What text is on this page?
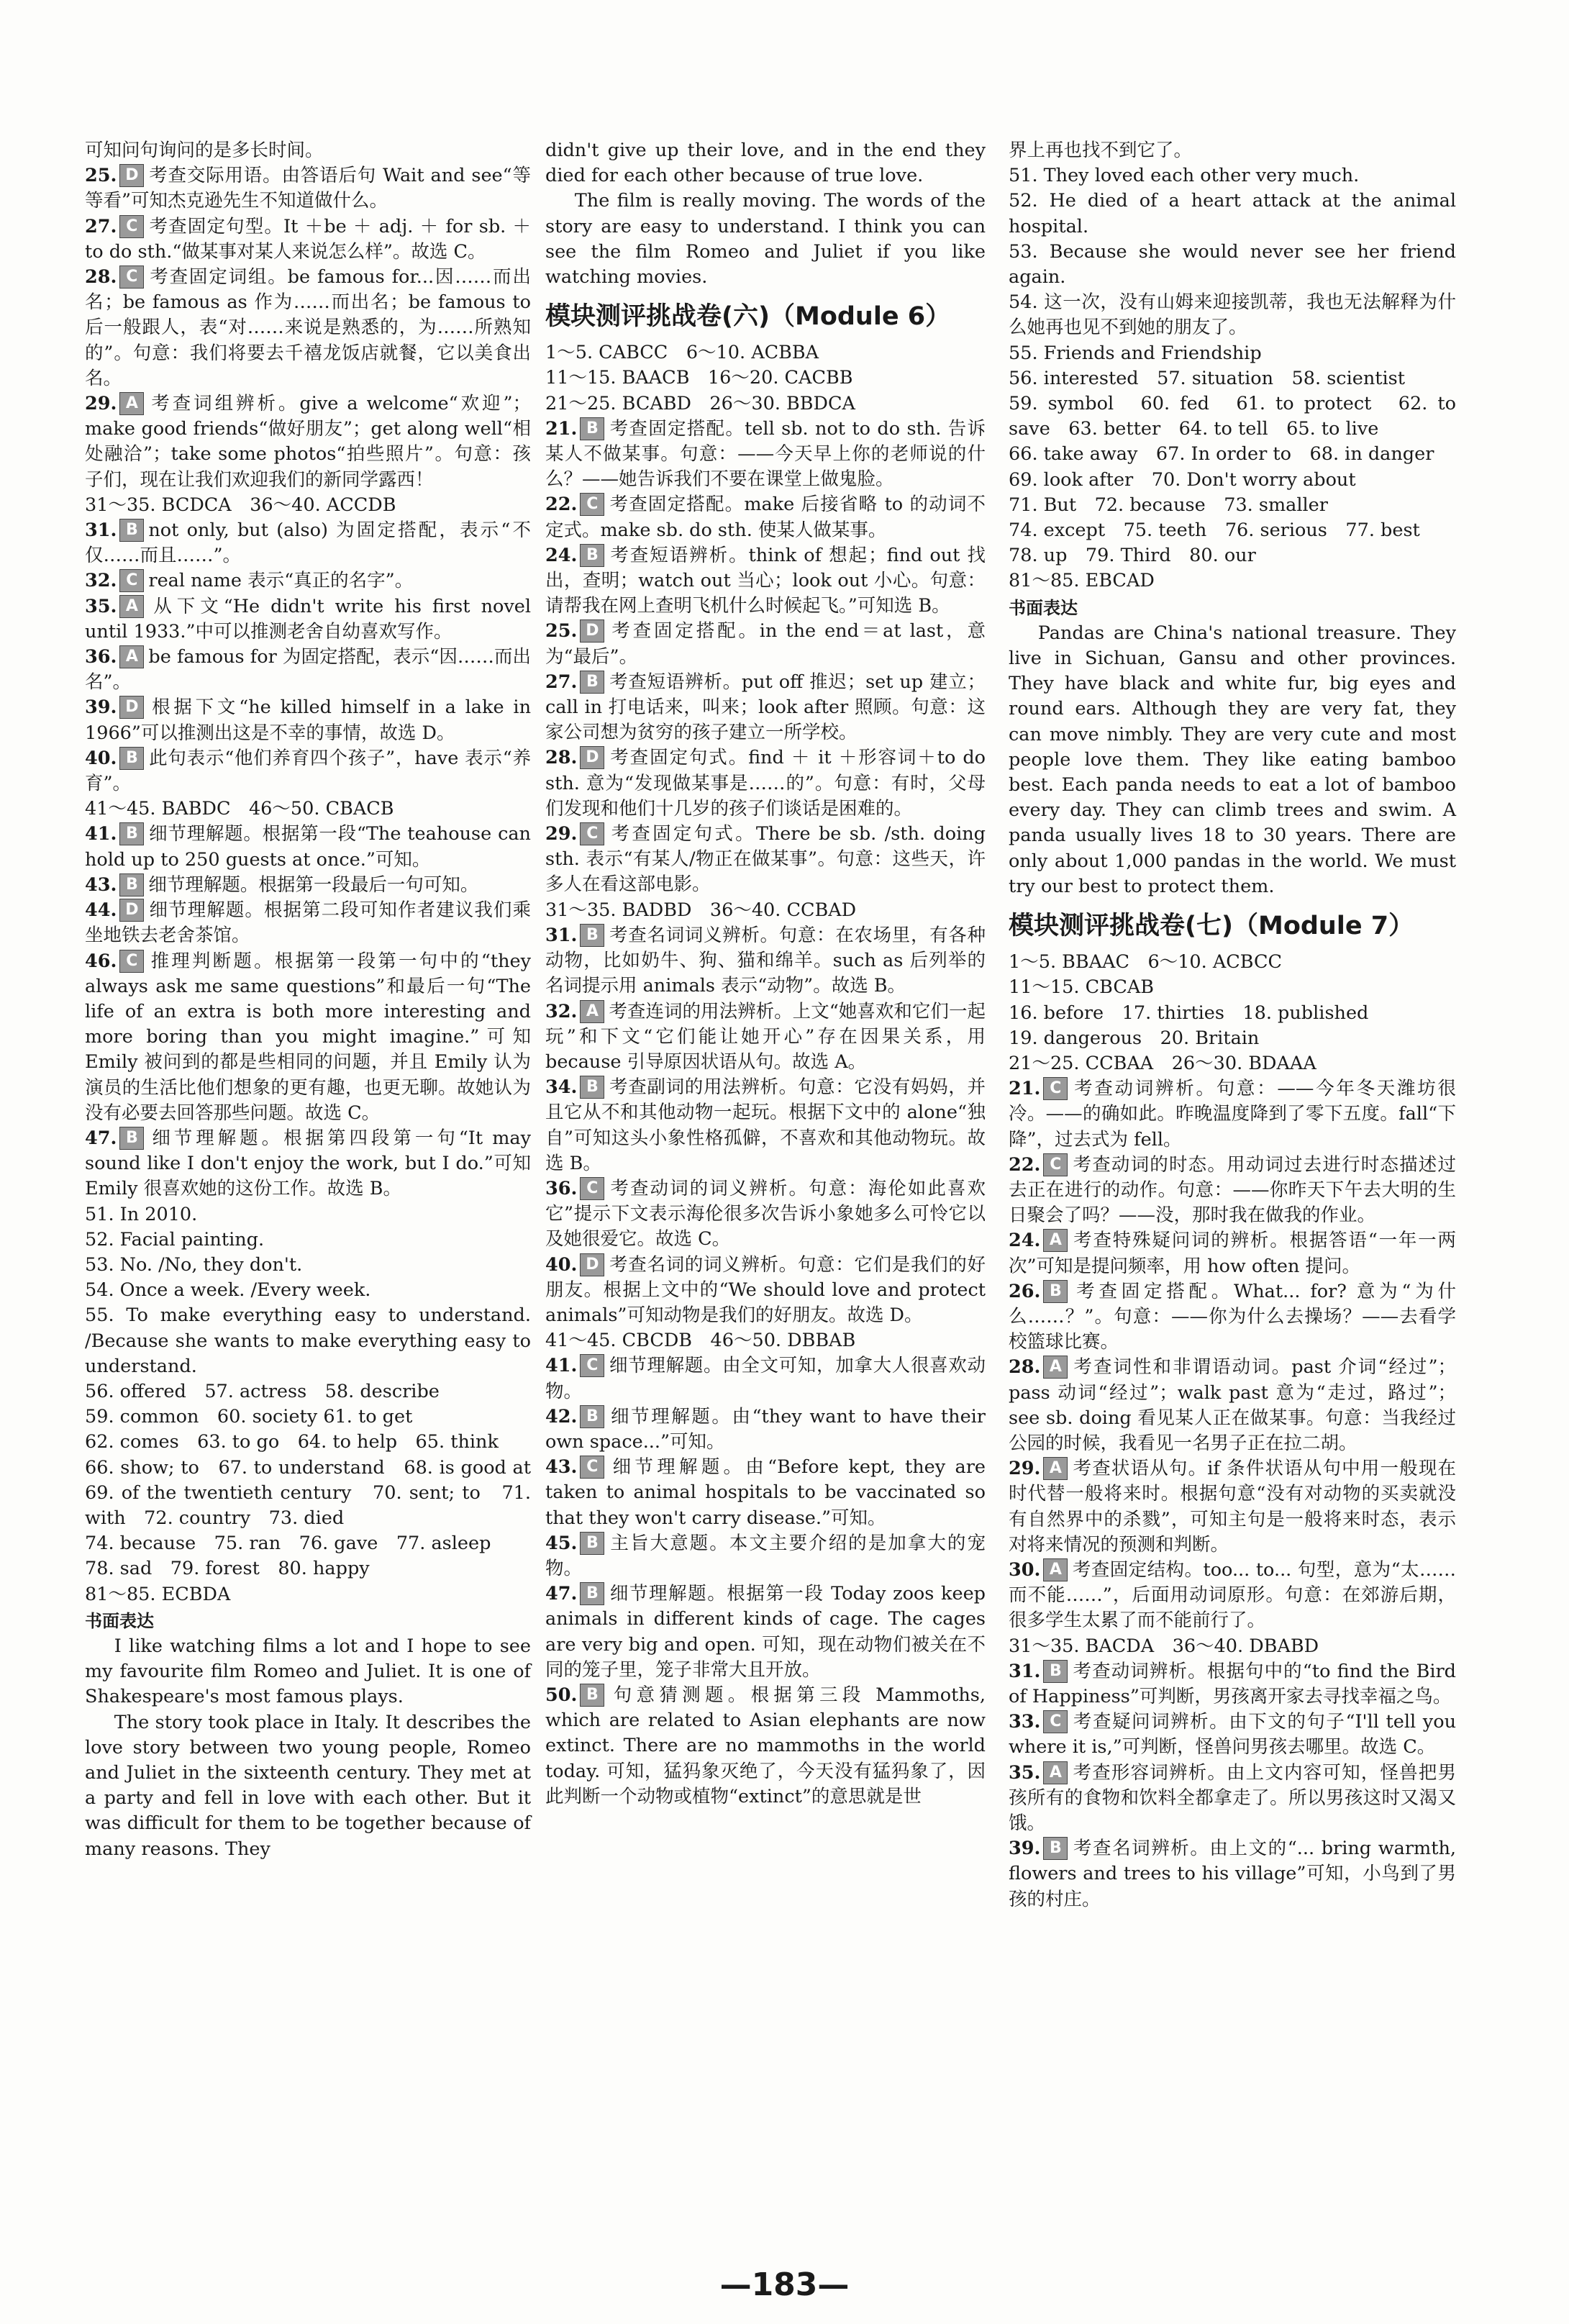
可知问句询问的是多长时间。

25. D 考查交际用语。由答语后句 Wait and see“等等看”可知杰克逊先生不知道做什么。

27. C 考查固定句型。It ＋be ＋ adj. ＋ for sb. ＋to do sth.“做某事对某人来说怎么样”。故选 C。

28. C 考查固定词组。be famous for...因……而出名；be famous as 作为……而出名；be famous to 后一般跟人，表“对……来说是熟悉的，为……所熟知的”。句意：我们将要去千禧龙饭店就餐，它以美食出名。

29. A 考查词组辨析。give a welcome“欢迎”；make good friends“做好朋友”；get along well“相处融洽”；take some photos“拍些照片”。句意：孩子们，现在让我们欢迎我们的新同学露西！

31～35. BCDCA　36～40. ACCDB

31. B not only, but (also) 为固定搭配，表示“不仅……而且……”。

32. C real name 表示“真正的名字”。

35. A 从下文“He didn't write his first novel until 1933.”中可以推测老舍自幼喜欢写作。

36. A be famous for 为固定搭配，表示“因……而出名”。

39. D 根据下文“he killed himself in a lake in 1966”可以推测出这是不幸的事情，故选 D。

40. B 此句表示“他们养育四个孩子”，have 表示“养育”。

41～45. BABDC　46～50. CBACB

41. B 细节理解题。根据第一段“The teahouse can hold up to 250 guests at once.”可知。

43. B 细节理解题。根据第一段最后一句可知。

44. D 细节理解题。根据第二段可知作者建议我们乘坐地铁去老舍茶馆。

46. C 推理判断题。根据第一段第一句中的“they always ask me same questions”和最后一句“The life of an extra is both more interesting and more boring than you might imagine.”可知 Emily 被问到的都是些相同的问题，并且 Emily 认为演员的生活比他们想象的更有趣，也更无聊。故她认为没有必要去回答那些问题。故选 C。

47. B 细节理解题。根据第四段第一句“It may sound like I don't enjoy the work, but I do.”可知 Emily 很喜欢她的这份工作。故选 B。

51. In 2010.

52. Facial painting.

53. No. /No, they don't.

54. Once a week. /Every week.

55. To make everything easy to understand. /Because she wants to make everything easy to understand.

56. offered　57. actress　58. describe

59. common　60. society 61. to get

62. comes　63. to go　64. to help　65. think

66. show; to　67. to understand　68. is good at　69. of the twentieth century　70. sent; to　71. with　72. country　73. died

74. because　75. ran　76. gave　77. asleep

78. sad　79. forest　80. happy

81～85. ECBDA

书面表达

I like watching films a lot and I hope to see my favourite film Romeo and Juliet. It is one of Shakespeare's most famous plays.

The story took place in Italy. It describes the love story between two young people, Romeo and Juliet in the sixteenth century. They met at a party and fell in love with each other. But it was difficult for them to be together because of many reasons. They

didn't give up their love, and in the end they died for each other because of true love.

The film is really moving. The words of the story are easy to understand. I think you can see the film Romeo and Juliet if you like watching movies.

模块测评挑战卷(六)（Module 6）

1～5. CABCC　6～10. ACBBA

11～15. BAACB　16～20. CACBB

21～25. BCABD　26～30. BBDCA

21. B 考查固定搭配。tell sb. not to do sth. 告诉某人不做某事。句意：——今天早上你的老师说的什么？——她告诉我们不要在课堂上做鬼脸。

22. C 考查固定搭配。make 后接省略 to 的动词不定式。make sb. do sth. 使某人做某事。

24. B 考查短语辨析。think of 想起；find out 找出，查明；watch out 当心；look out 小心。句意：请帮我在网上查明飞机什么时候起飞。”可知选 B。

25. D 考查固定搭配。in the end＝at last，意为“最后”。

27. B 考查短语辨析。put off 推迟；set up 建立；call in 打电话来，叫来；look after 照顾。句意：这家公司想为贫穷的孩子建立一所学校。

28. D 考查固定句式。find ＋ it ＋形容词＋to do sth. 意为“发现做某事是……的”。句意：有时，父母们发现和他们十几岁的孩子们谈话是困难的。

29. C 考查固定句式。There be sb. /sth. doing sth. 表示“有某人/物正在做某事”。句意：这些天，许多人在看这部电影。

31～35. BADBD　36～40. CCBAD

31. B 考查名词词义辨析。句意：在农场里，有各种动物，比如奶牛、狗、猫和绵羊。such as 后列举的名词提示用 animals 表示“动物”。故选 B。

32. A 考查连词的用法辨析。上文“她喜欢和它们一起玩”和下文“它们能让她开心”存在因果关系，用 because 引导原因状语从句。故选 A。

34. B 考查副词的用法辨析。句意：它没有妈妈，并且它从不和其他动物一起玩。根据下文中的 alone“独自”可知这头小象性格孤僻，不喜欢和其他动物玩。故选 B。

36. C 考查动词的词义辨析。句意：海伦如此喜欢它”提示下文表示海伦很多次告诉小象她多么可怜它以及她很爱它。故选 C。

40. D 考查名词的词义辨析。句意：它们是我们的好朋友。根据上文中的“We should love and protect animals”可知动物是我们的好朋友。故选 D。

41～45. CBCDB　46～50. DBBAB

41. C 细节理解题。由全文可知，加拿大人很喜欢动物。

42. B 细节理解题。由“they want to have their own space...”可知。

43. C 细节理解题。由“Before kept, they are taken to animal hospitals to be vaccinated so that they won't carry disease.”可知。

45. B 主旨大意题。本文主要介绍的是加拿大的宠物。

47. B 细节理解题。根据第一段 Today zoos keep animals in different kinds of cage. The cages are very big and open. 可知，现在动物们被关在不同的笼子里，笼子非常大且开放。

50. B 句意猜测题。根据第三段 Mammoths, which are related to Asian elephants are now extinct. There are no mammoths in the world today. 可知，猛犸象灭绝了，今天没有猛犸象了，因此判断一个动物或植物“extinct”的意思就是世

界上再也找不到它了。

51. They loved each other very much.

52. He died of a heart attack at the animal hospital.

53. Because she would never see her friend again.

54. 这一次，没有山姆来迎接凯蒂，我也无法解释为什么她再也见不到她的朋友了。

55. Friends and Friendship

56. interested　57. situation　58. scientist

59. symbol　60. fed　61. to protect　62. to save　63. better　64. to tell　65. to live

66. take away　67. In order to　68. in danger

69. look after　70. Don't worry about

71. But　72. because　73. smaller

74. except　75. teeth　76. serious　77. best

78. up　79. Third　80. our

81～85. EBCAD

书面表达

Pandas are China's national treasure. They live in Sichuan, Gansu and other provinces. They have black and white fur, big eyes and round ears. Although they are very fat, they can move nimbly. They are very cute and most people love them. They like eating bamboo best. Each panda needs to eat a lot of bamboo every day. They can climb trees and swim. A panda usually lives 18 to 30 years. There are only about 1,000 pandas in the world. We must try our best to protect them.

模块测评挑战卷(七)（Module 7）

1～5. BBAAC　6～10. ACBCC

11～15. CBCAB

16. before　17. thirties　18. published

19. dangerous　20. Britain

21～25. CCBAA　26～30. BDAAA

21. C 考查动词辨析。句意：——今年冬天潍坊很冷。——的确如此。昨晚温度降到了零下五度。fall“下降”，过去式为 fell。

22. C 考查动词的时态。用动词过去进行时态描述过去正在进行的动作。句意：——你昨天下午去大明的生日聚会了吗？——没，那时我在做我的作业。

24. A 考查特殊疑问词的辨析。根据答语“一年一两次”可知是提问频率，用 how often 提问。

26. B 考查固定搭配。What... for? 意为“为什么……？”。句意：——你为什么去操场？——去看学校篮球比赛。

28. A 考查词性和非谓语动词。past 介词“经过”；pass 动词“经过”；walk past 意为“走过，路过”；see sb. doing 看见某人正在做某事。句意：当我经过公园的时候，我看见一名男子正在拉二胡。

29. A 考查状语从句。if 条件状语从句中用一般现在时代替一般将来时。根据句意“没有对动物的买卖就没有自然界中的杀戮”，可知主句是一般将来时态，表示对将来情况的预测和判断。

30. A 考查固定结构。too... to... 句型，意为“太……而不能……”，后面用动词原形。句意：在郊游后期，很多学生太累了而不能前行了。

31～35. BACDA　36～40. DBABD

31. B 考查动词辨析。根据句中的“to find the Bird of Happiness”可判断，男孩离开家去寻找幸福之鸟。

33. C 考查疑问词辨析。由下文的句子“I'll tell you where it is,”可判断，怪兽问男孩去哪里。故选 C。

35. A 考查形容词辨析。由上文内容可知，怪兽把男孩所有的食物和饮料全都拿走了。所以男孩这时又渴又饿。

39. B 考查名词辨析。由上文的“... bring warmth, flowers and trees to his village”可知，小鸟到了男孩的村庄。

—183—
